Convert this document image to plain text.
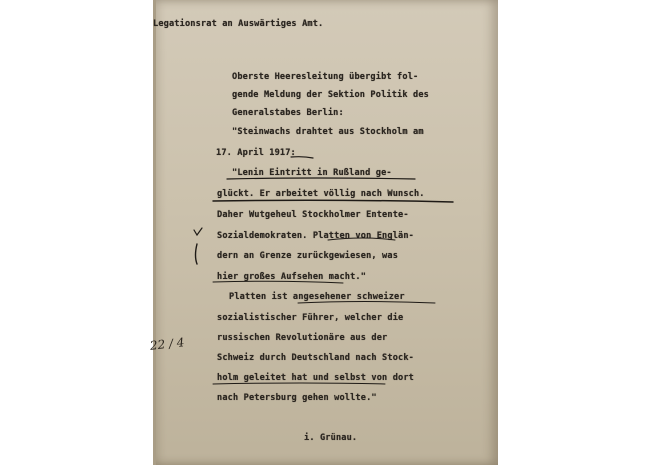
Legationsrat an Auswärtiges Amt.

Oberste Heeresleitung übergibt fol-

gende Meldung der Sektion Politik des

Generalstabes Berlin:

"Steinwachs drahtet aus Stockholm am

17. April 1917:

"Lenin Eintritt in Rußland ge-

glückt. Er arbeitet völlig nach Wunsch.

Daher Wutgeheul Stockholmer Entente-

Sozialdemokraten. Platten von Englän-

dern an Grenze zurückgewiesen, was

hier großes Aufsehen macht."

Platten ist angesehener schweizer

sozialistischer Führer, welcher die

russischen Revolutionäre aus der

Schweiz durch Deutschland nach Stock-

holm geleitet hat und selbst von dort

nach Petersburg gehen wollte."

i. Grünau.

22 / 4
